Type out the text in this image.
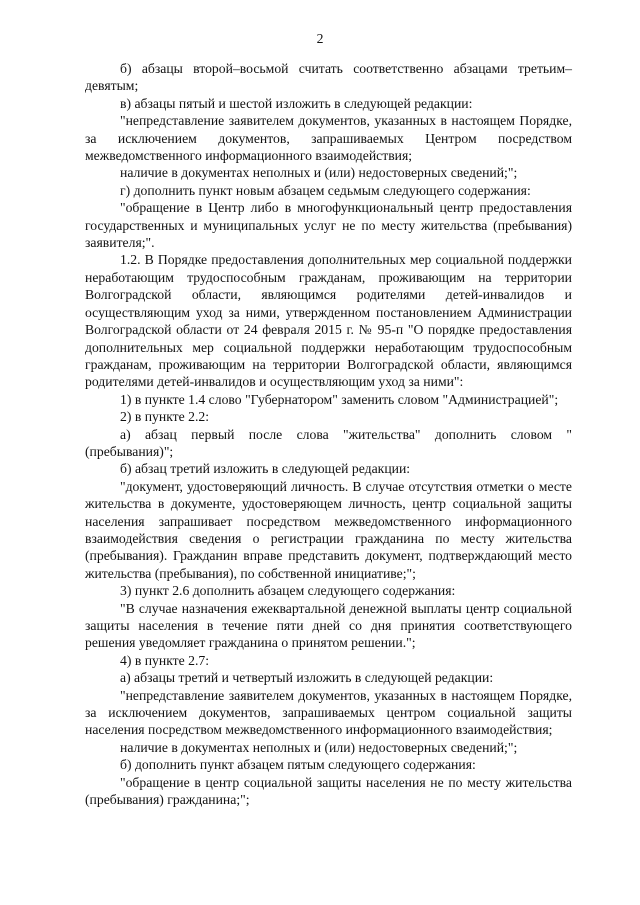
2

б) абзацы второй–восьмой считать соответственно абзацами третьим–девятым;

в) абзацы пятый и шестой изложить в следующей редакции:

"непредставление заявителем документов, указанных в настоящем Порядке, за исключением документов, запрашиваемых Центром посредством межведомственного информационного взаимодействия;

наличие в документах неполных и (или) недостоверных сведений;";

г) дополнить пункт новым абзацем седьмым следующего содержания:

"обращение в Центр либо в многофункциональный центр предоставления государственных и муниципальных услуг не по месту жительства (пребывания) заявителя;".

1.2. В Порядке предоставления дополнительных мер социальной поддержки неработающим трудоспособным гражданам, проживающим на территории Волгоградской области, являющимся родителями детей-инвалидов и осуществляющим уход за ними, утвержденном постановлением Администрации Волгоградской области от 24 февраля 2015 г. № 95-п "О порядке предоставления дополнительных мер социальной поддержки неработающим трудоспособным гражданам, проживающим на территории Волгоградской области, являющимся родителями детей-инвалидов и осуществляющим уход за ними":

1) в пункте 1.4 слово "Губернатором" заменить словом "Администрацией";

2) в пункте 2.2:

а) абзац первый после слова "жительства" дополнить словом "(пребывания)";

б) абзац третий изложить в следующей редакции:

"документ, удостоверяющий личность. В случае отсутствия отметки о месте жительства в документе, удостоверяющем личность, центр социальной защиты населения запрашивает посредством межведомственного информационного взаимодействия сведения о регистрации гражданина по месту жительства (пребывания). Гражданин вправе представить документ, подтверждающий место жительства (пребывания), по собственной инициативе;";

3) пункт 2.6 дополнить абзацем следующего содержания:

"В случае назначения ежеквартальной денежной выплаты центр социальной защиты населения в течение пяти дней со дня принятия соответствующего решения уведомляет гражданина о принятом решении.";

4) в пункте 2.7:

а) абзацы третий и четвертый изложить в следующей редакции:

"непредставление заявителем документов, указанных в настоящем Порядке, за исключением документов, запрашиваемых центром социальной защиты населения посредством межведомственного информационного взаимодействия;

наличие в документах неполных и (или) недостоверных сведений;";

б) дополнить пункт абзацем пятым следующего содержания:

"обращение в центр социальной защиты населения не по месту жительства (пребывания) гражданина;";
